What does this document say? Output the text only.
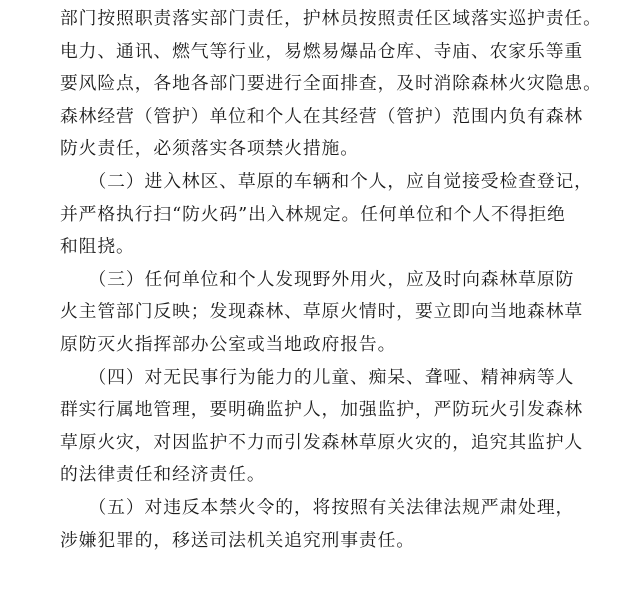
部门按照职责落实部门责任，护林员按照责任区域落实巡护责任。

电力、通讯、燃气等行业，易燃易爆品仓库、寺庙、农家乐等重

要风险点，各地各部门要进行全面排查，及时消除森林火灾隐患。

森林经营（管护）单位和个人在其经营（管护）范围内负有森林

防火责任，必须落实各项禁火措施。

　　（二）进入林区、草原的车辆和个人，应自觉接受检查登记，

并严格执行扫“防火码”出入林规定。任何单位和个人不得拒绝

和阻挠。

　　（三）任何单位和个人发现野外用火，应及时向森林草原防

火主管部门反映；发现森林、草原火情时，要立即向当地森林草

原防灭火指挥部办公室或当地政府报告。

　　（四）对无民事行为能力的儿童、痴呆、聋哑、精神病等人

群实行属地管理，要明确监护人，加强监护，严防玩火引发森林

草原火灾，对因监护不力而引发森林草原火灾的，追究其监护人

的法律责任和经济责任。

　　（五）对违反本禁火令的，将按照有关法律法规严肃处理，

涉嫌犯罪的，移送司法机关追究刑事责任。
